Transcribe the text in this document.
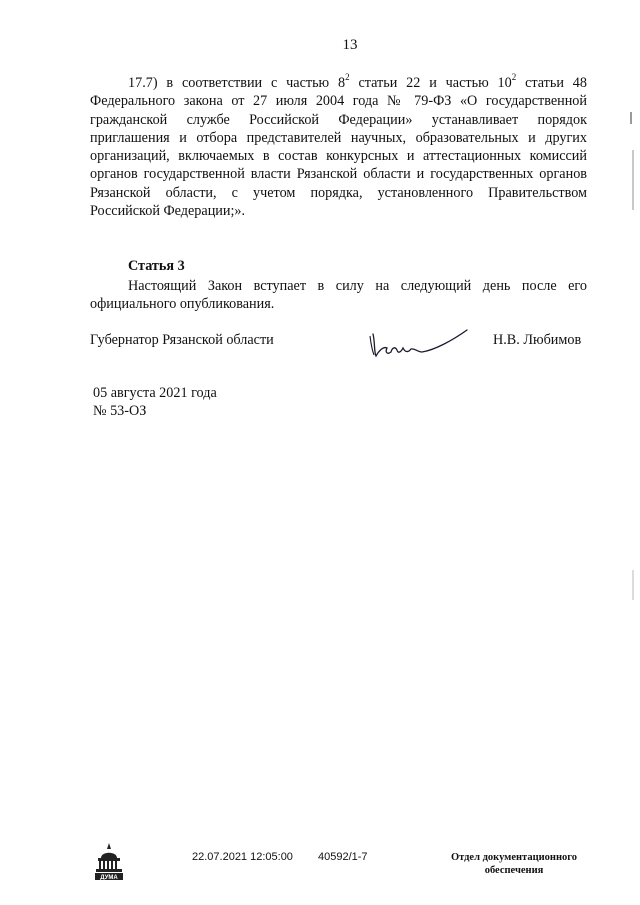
13

17.7) в соответствии с частью $8^2$ статьи 22 и частью $10^2$ статьи 48 Федерального закона от 27 июля 2004 года № 79-ФЗ «О государственной гражданской службе Российской Федерации» устанавливает порядок приглашения и отбора представителей научных, образовательных и других организаций, включаемых в состав конкурсных и аттестационных комиссий органов государственной власти Рязанской области и государственных органов Рязанской области, с учетом порядка, установленного Правительством Российской Федерации;».

Статья 3

Настоящий Закон вступает в силу на следующий день после его официального опубликования.

Губернатор Рязанской области	Н.В. Любимов
05 августа 2021 года
№ 53-ОЗ
ДУМА
22.07.2021 12:05:00 40592/1-7	Отдел документационного обеспечения
